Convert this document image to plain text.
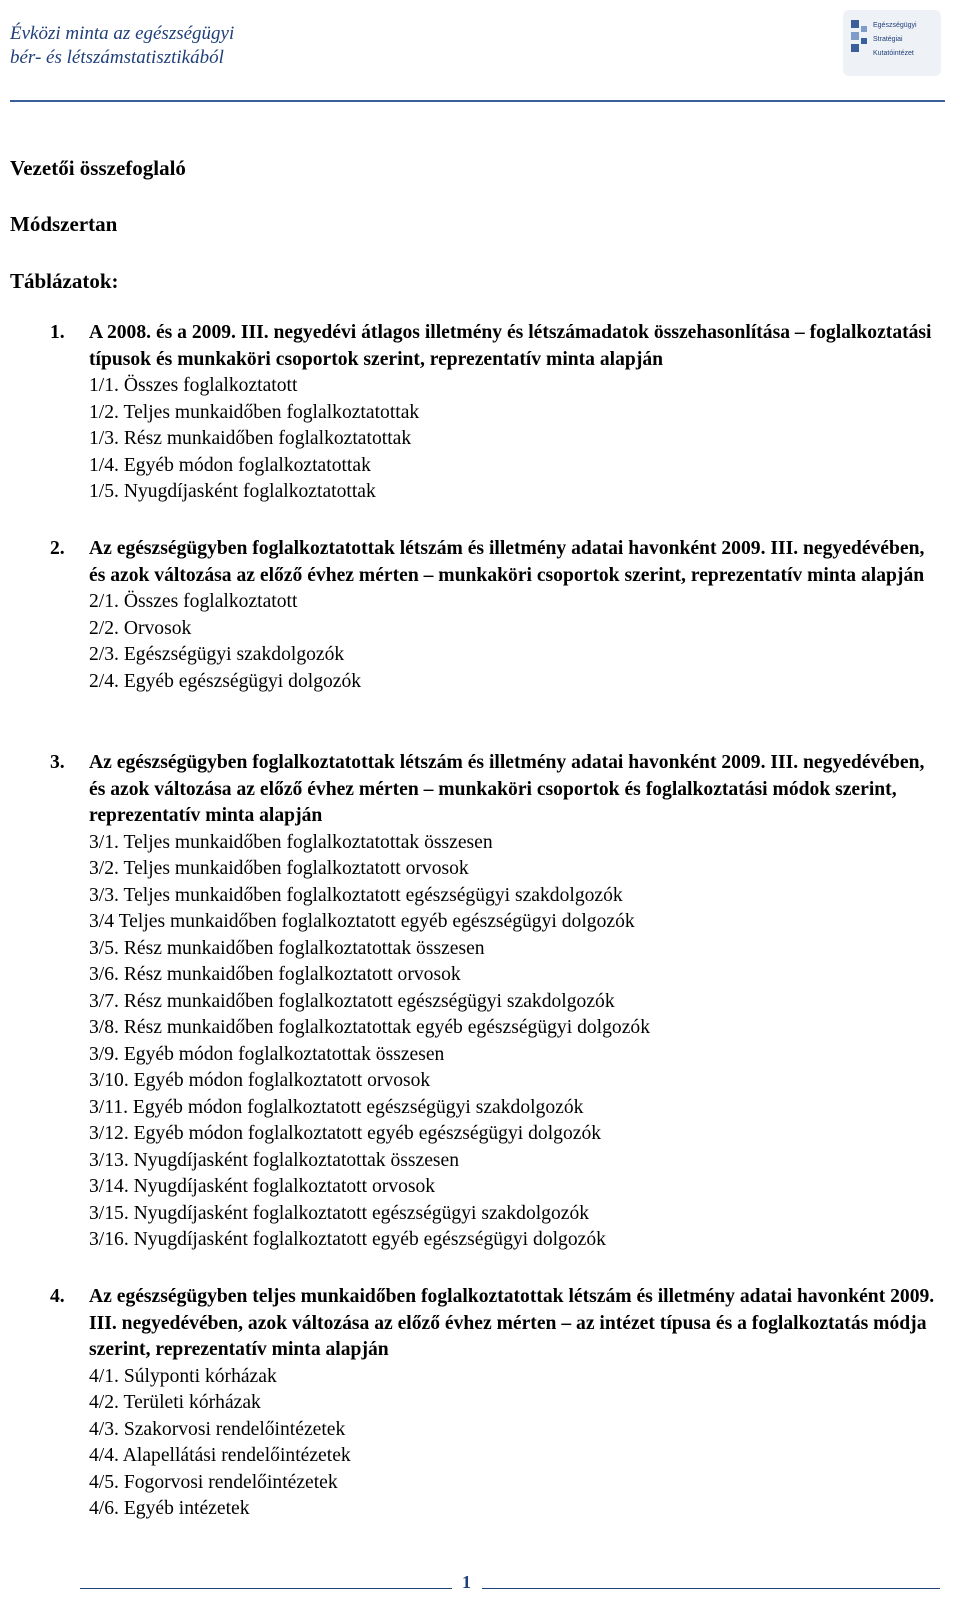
Évközi minta az egészségügyi
bér- és létszámstatisztikából
Egészségügyi
Stratégiai
Kutatóintézet
Vezetői összefoglaló
Módszertan
Táblázatok:
1. A 2008. és a 2009. III. negyedévi átlagos illetmény és létszámadatok összehasonlítása – foglalkoztatási típusok és munkaköri csoportok szerint, reprezentatív minta alapján
1/1. Összes foglalkoztatott
1/2. Teljes munkaidőben foglalkoztatottak
1/3. Rész munkaidőben foglalkoztatottak
1/4. Egyéb módon foglalkoztatottak
1/5. Nyugdíjasként foglalkoztatottak
2. Az egészségügyben foglalkoztatottak létszám és illetmény adatai havonként 2009. III. negyedévében, és azok változása az előző évhez mérten – munkaköri csoportok szerint, reprezentatív minta alapján
2/1. Összes foglalkoztatott
2/2. Orvosok
2/3. Egészségügyi szakdolgozók
2/4. Egyéb egészségügyi dolgozók
3. Az egészségügyben foglalkoztatottak létszám és illetmény adatai havonként 2009. III. negyedévében, és azok változása az előző évhez mérten – munkaköri csoportok és foglalkoztatási módok szerint, reprezentatív minta alapján
3/1. Teljes munkaidőben foglalkoztatottak összesen
3/2. Teljes munkaidőben foglalkoztatott orvosok
3/3. Teljes munkaidőben foglalkoztatott egészségügyi szakdolgozók
3/4 Teljes munkaidőben foglalkoztatott egyéb egészségügyi dolgozók
3/5. Rész munkaidőben foglalkoztatottak összesen
3/6. Rész munkaidőben foglalkoztatott orvosok
3/7. Rész munkaidőben foglalkoztatott egészségügyi szakdolgozók
3/8. Rész munkaidőben foglalkoztatottak egyéb egészségügyi dolgozók
3/9. Egyéb módon foglalkoztatottak összesen
3/10. Egyéb módon foglalkoztatott orvosok
3/11. Egyéb módon foglalkoztatott egészségügyi szakdolgozók
3/12. Egyéb módon foglalkoztatott egyéb egészségügyi dolgozók
3/13. Nyugdíjasként foglalkoztatottak összesen
3/14. Nyugdíjasként foglalkoztatott orvosok
3/15. Nyugdíjasként foglalkoztatott egészségügyi szakdolgozók
3/16. Nyugdíjasként foglalkoztatott egyéb egészségügyi dolgozók
4. Az egészségügyben teljes munkaidőben foglalkoztatottak létszám és illetmény adatai havonként 2009. III. negyedévében, azok változása az előző évhez mérten – az intézet típusa és a foglalkoztatás módja szerint, reprezentatív minta alapján
4/1. Súlyponti kórházak
4/2. Területi kórházak
4/3. Szakorvosi rendelőintézetek
4/4. Alapellátási rendelőintézetek
4/5. Fogorvosi rendelőintézetek
4/6. Egyéb intézetek
1
